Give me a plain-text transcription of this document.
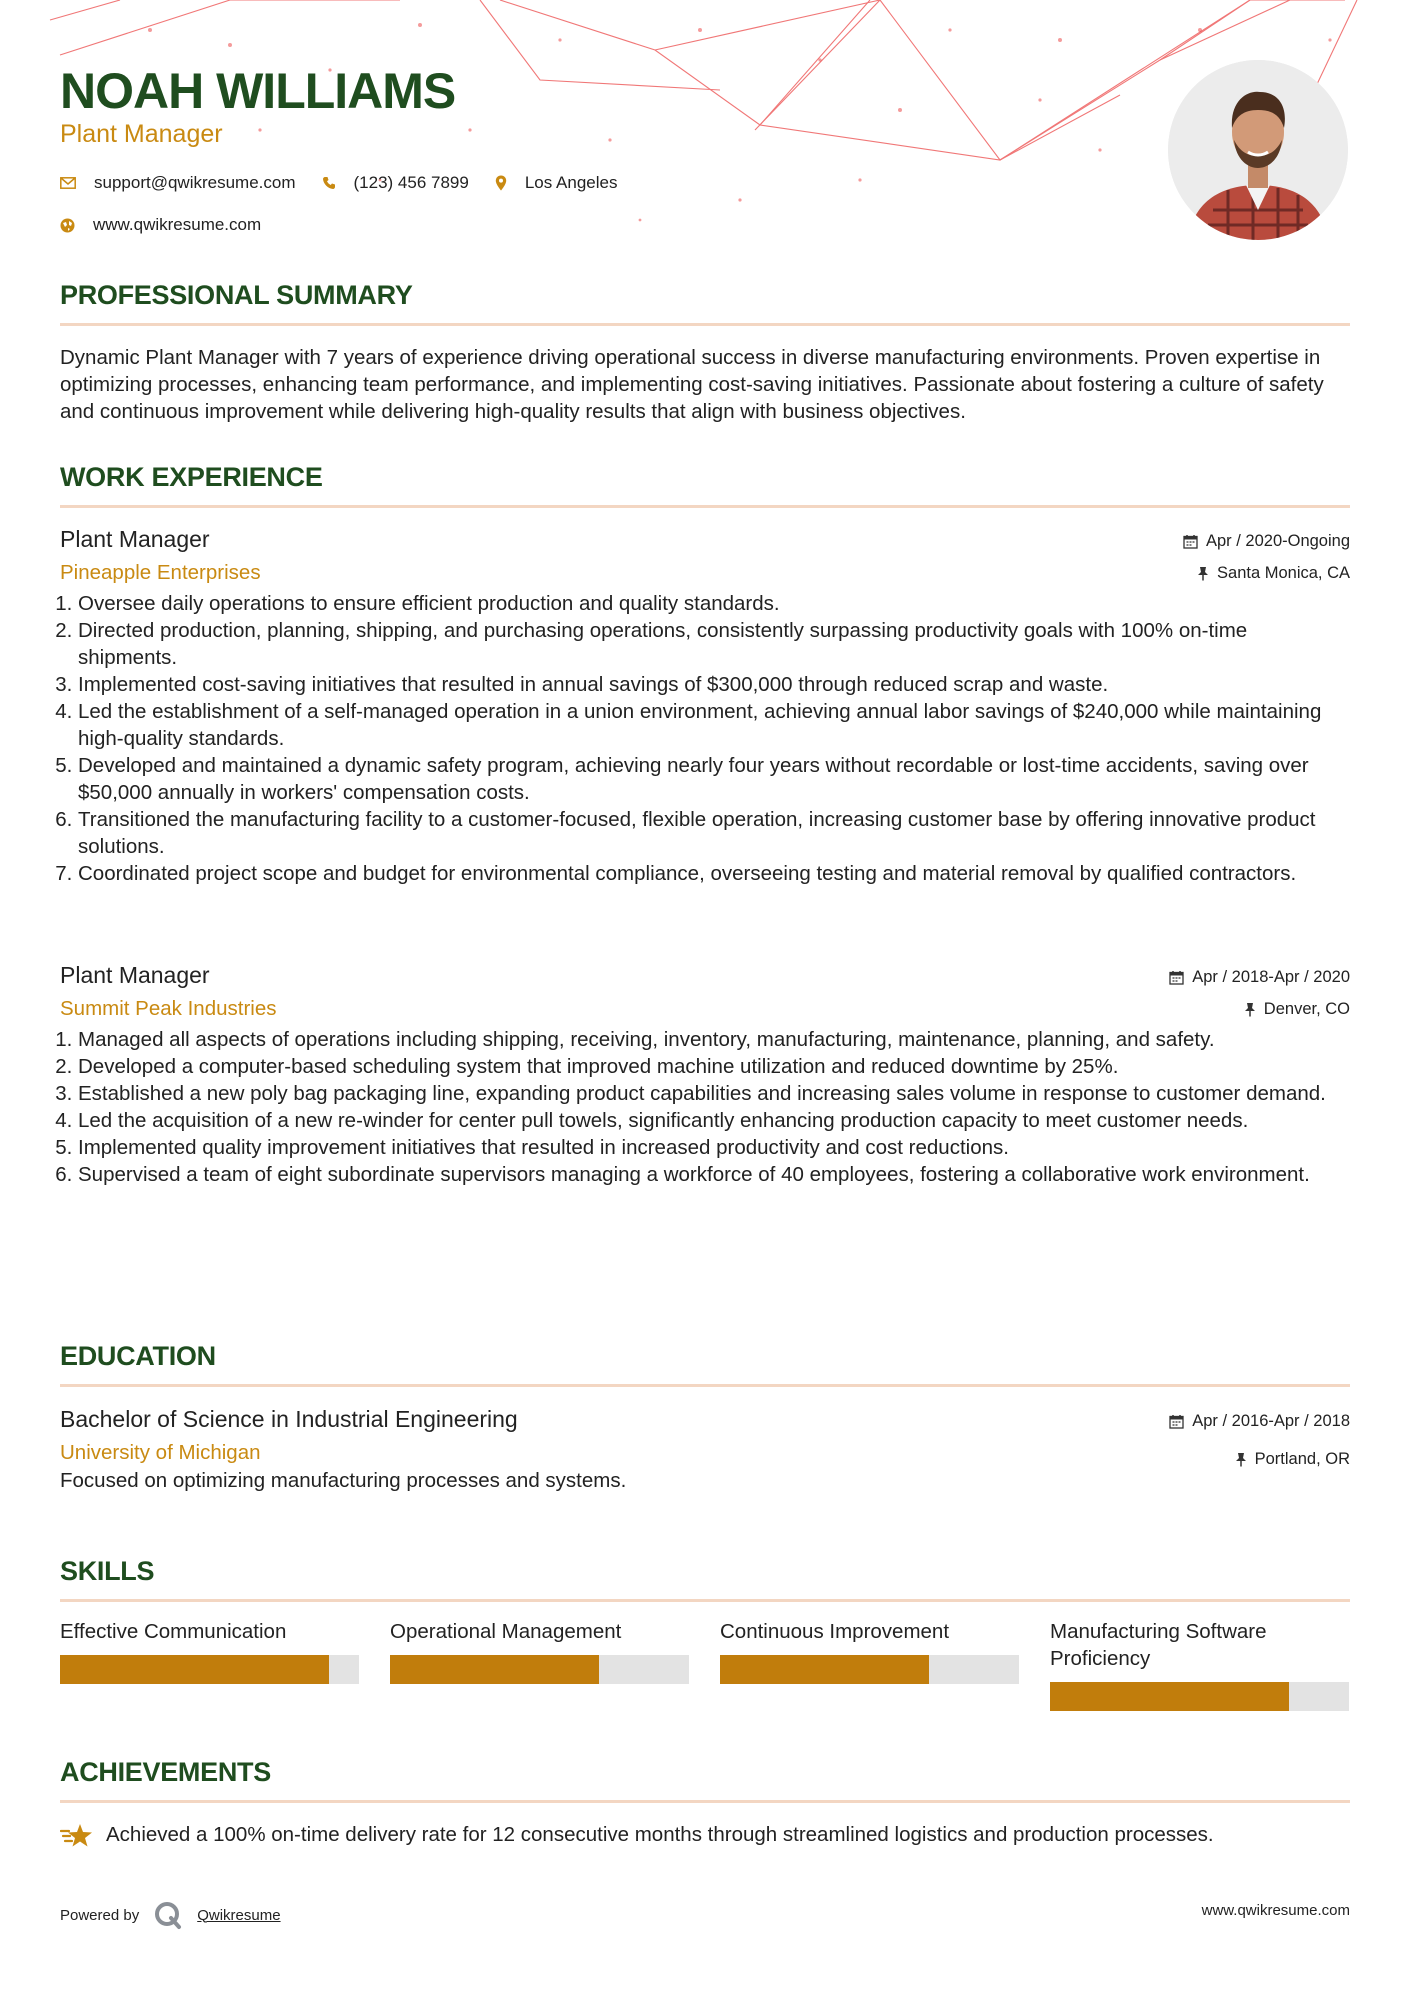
NOAH WILLIAMS
Plant Manager
support@qwikresume.com	(123) 456 7899	Los Angeles
www.qwikresume.com
PROFESSIONAL SUMMARY
Dynamic Plant Manager with 7 years of experience driving operational success in diverse manufacturing environments. Proven expertise in optimizing processes, enhancing team performance, and implementing cost-saving initiatives. Passionate about fostering a culture of safety and continuous improvement while delivering high-quality results that align with business objectives.
WORK EXPERIENCE
Plant Manager
Pineapple Enterprises
Apr / 2020-Ongoing
Santa Monica, CA
1. Oversee daily operations to ensure efficient production and quality standards.
2. Directed production, planning, shipping, and purchasing operations, consistently surpassing productivity goals with 100% on-time shipments.
3. Implemented cost-saving initiatives that resulted in annual savings of $300,000 through reduced scrap and waste.
4. Led the establishment of a self-managed operation in a union environment, achieving annual labor savings of $240,000 while maintaining high-quality standards.
5. Developed and maintained a dynamic safety program, achieving nearly four years without recordable or lost-time accidents, saving over $50,000 annually in workers' compensation costs.
6. Transitioned the manufacturing facility to a customer-focused, flexible operation, increasing customer base by offering innovative product solutions.
7. Coordinated project scope and budget for environmental compliance, overseeing testing and material removal by qualified contractors.
Plant Manager
Summit Peak Industries
Apr / 2018-Apr / 2020
Denver, CO
1. Managed all aspects of operations including shipping, receiving, inventory, manufacturing, maintenance, planning, and safety.
2. Developed a computer-based scheduling system that improved machine utilization and reduced downtime by 25%.
3. Established a new poly bag packaging line, expanding product capabilities and increasing sales volume in response to customer demand.
4. Led the acquisition of a new re-winder for center pull towels, significantly enhancing production capacity to meet customer needs.
5. Implemented quality improvement initiatives that resulted in increased productivity and cost reductions.
6. Supervised a team of eight subordinate supervisors managing a workforce of 40 employees, fostering a collaborative work environment.
EDUCATION
Bachelor of Science in Industrial Engineering
University of Michigan
Apr / 2016-Apr / 2018
Portland, OR
Focused on optimizing manufacturing processes and systems.
SKILLS
Effective Communication	Operational Management	Continuous Improvement	Manufacturing Software Proficiency
ACHIEVEMENTS
Achieved a 100% on-time delivery rate for 12 consecutive months through streamlined logistics and production processes.
Powered by	Qwikresume	www.qwikresume.com
